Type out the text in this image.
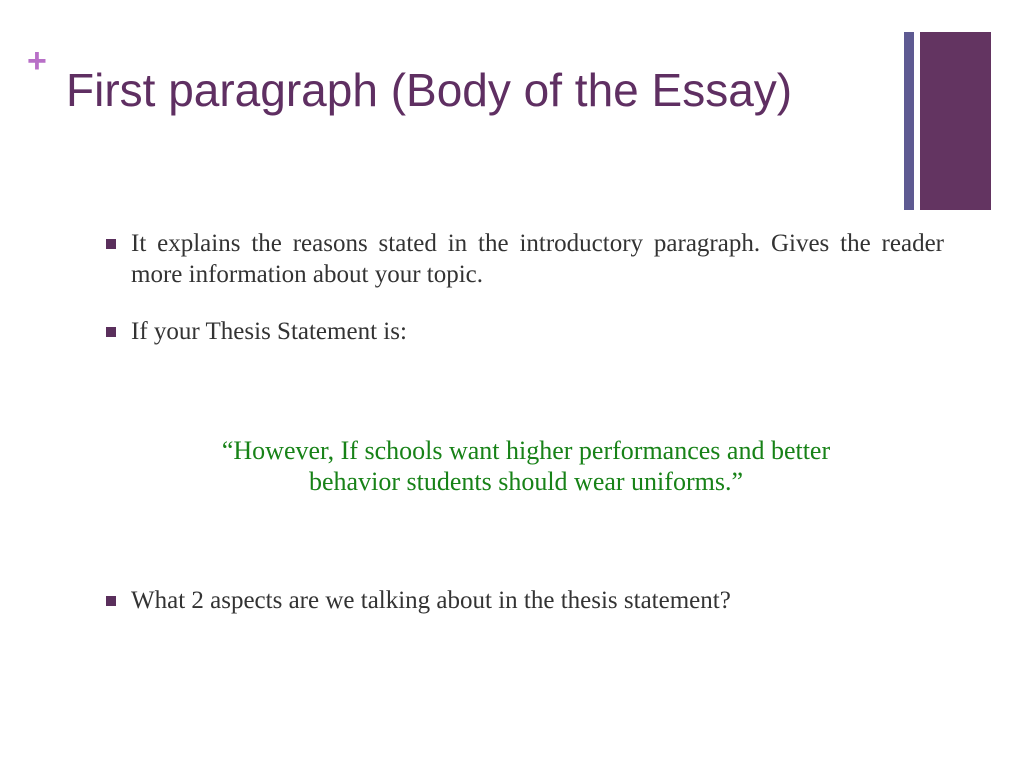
+
First paragraph (Body of the Essay)
It explains the reasons stated in the introductory paragraph. Gives the reader more information about your topic.
If your Thesis Statement is:
“However, If schools want higher performances and better
behavior students should wear uniforms.”
What 2 aspects are we talking about in the thesis statement?
